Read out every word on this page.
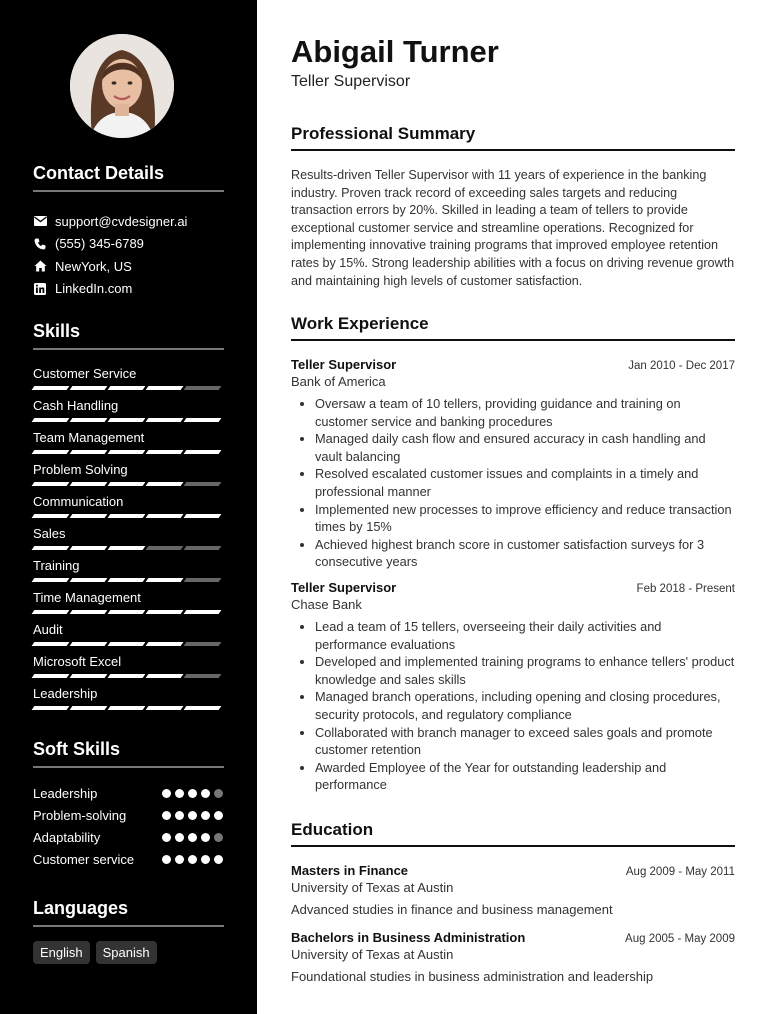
Contact Details
support@cvdesigner.ai
(555) 345-6789
NewYork, US
LinkedIn.com
Skills
Customer Service
Cash Handling
Team Management
Problem Solving
Communication
Sales
Training
Time Management
Audit
Microsoft Excel
Leadership
Soft Skills
Leadership
Problem-solving
Adaptability
Customer service
Languages
English	Spanish
Abigail Turner
Teller Supervisor
Professional Summary

Results-driven Teller Supervisor with 11 years of experience in the banking industry. Proven track record of exceeding sales targets and reducing transaction errors by 20%. Skilled in leading a team of tellers to provide exceptional customer service and streamline operations. Recognized for implementing innovative training programs that improved employee retention rates by 15%. Strong leadership abilities with a focus on driving revenue growth and maintaining high levels of customer satisfaction.

Work Experience
Teller Supervisor	Jan 2010 - Dec 2017
Bank of America
• Oversaw a team of 10 tellers, providing guidance and training on customer service and banking procedures
• Managed daily cash flow and ensured accuracy in cash handling and vault balancing
• Resolved escalated customer issues and complaints in a timely and professional manner
• Implemented new processes to improve efficiency and reduce transaction times by 15%
• Achieved highest branch score in customer satisfaction surveys for 3 consecutive years
Teller Supervisor	Feb 2018 - Present
Chase Bank
• Lead a team of 15 tellers, overseeing their daily activities and performance evaluations
• Developed and implemented training programs to enhance tellers' product knowledge and sales skills
• Managed branch operations, including opening and closing procedures, security protocols, and regulatory compliance
• Collaborated with branch manager to exceed sales goals and promote customer retention
• Awarded Employee of the Year for outstanding leadership and performance
Education
Masters in Finance	Aug 2009 - May 2011
University of Texas at Austin
Advanced studies in finance and business management
Bachelors in Business Administration	Aug 2005 - May 2009
University of Texas at Austin
Foundational studies in business administration and leadership
